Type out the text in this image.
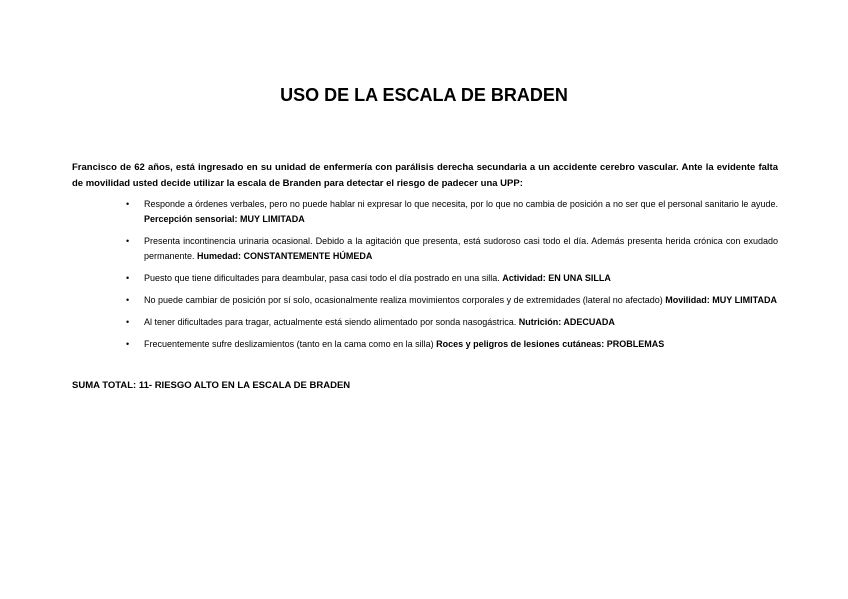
USO DE LA ESCALA DE BRADEN
Francisco de 62 años, está ingresado en su unidad de enfermería con parálisis derecha secundaria a un accidente cerebro vascular. Ante la evidente falta de movilidad usted decide utilizar la escala de Branden para detectar el riesgo de padecer una UPP:
• Responde a órdenes verbales, pero no puede hablar ni expresar lo que necesita, por lo que no cambia de posición a no ser que el personal sanitario le ayude. Percepción sensorial: MUY LIMITADA
• Presenta incontinencia urinaria ocasional. Debido a la agitación que presenta, está sudoroso casi todo el día. Además presenta herida crónica con exudado permanente. Humedad: CONSTANTEMENTE HÚMEDA
• Puesto que tiene dificultades para deambular, pasa casi todo el día postrado en una silla. Actividad: EN UNA SILLA
• No puede cambiar de posición por sí solo, ocasionalmente realiza movimientos corporales y de extremidades (lateral no afectado) Movilidad: MUY LIMITADA
• Al tener dificultades para tragar, actualmente está siendo alimentado por sonda nasogástrica. Nutrición: ADECUADA
• Frecuentemente sufre deslizamientos (tanto en la cama como en la silla) Roces y peligros de lesiones cutáneas: PROBLEMAS
SUMA TOTAL: 11- RIESGO ALTO EN LA ESCALA DE BRADEN
